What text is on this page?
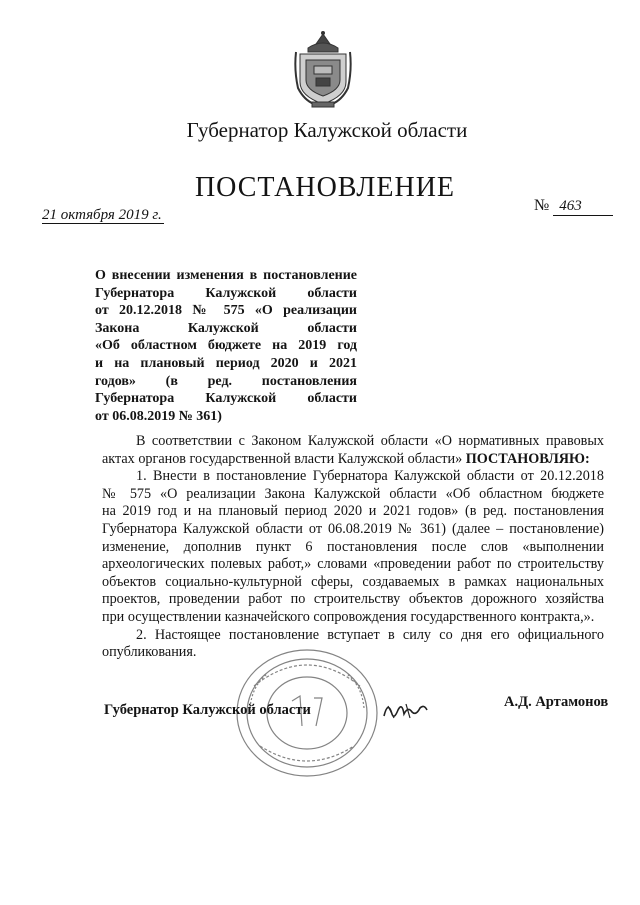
Губернатор Калужской области
ПОСТАНОВЛЕНИЕ
21 октября 2019 г.
№ 463
О внесении изменения в постановление
Губернатора Калужской области
от 20.12.2018 № 575 «О реализации
Закона Калужской области
«Об областном бюджете на 2019 год
и на плановый период 2020 и 2021
годов» (в ред. постановления
Губернатора Калужской области
от 06.08.2019 № 361)
В соответствии с Законом Калужской области «О нормативных правовых
актах органов государственной власти Калужской области» ПОСТАНОВЛЯЮ:
1. Внести в постановление Губернатора Калужской области от 20.12.2018
№ 575 «О реализации Закона Калужской области «Об областном бюджете
на 2019 год и на плановый период 2020 и 2021 годов» (в ред. постановления
Губернатора Калужской области от 06.08.2019 № 361) (далее – постановление)
изменение, дополнив пункт 6 постановления после слов «выполнении
археологических полевых работ,» словами «проведении работ по строительству
объектов социально-культурной сферы, создаваемых в рамках национальных
проектов, проведении работ по строительству объектов дорожного хозяйства
при осуществлении казначейского сопровождения государственного контракта,».
2. Настоящее постановление вступает в силу со дня его официального
опубликования.
Губернатор Калужской области	А.Д. Артамонов
